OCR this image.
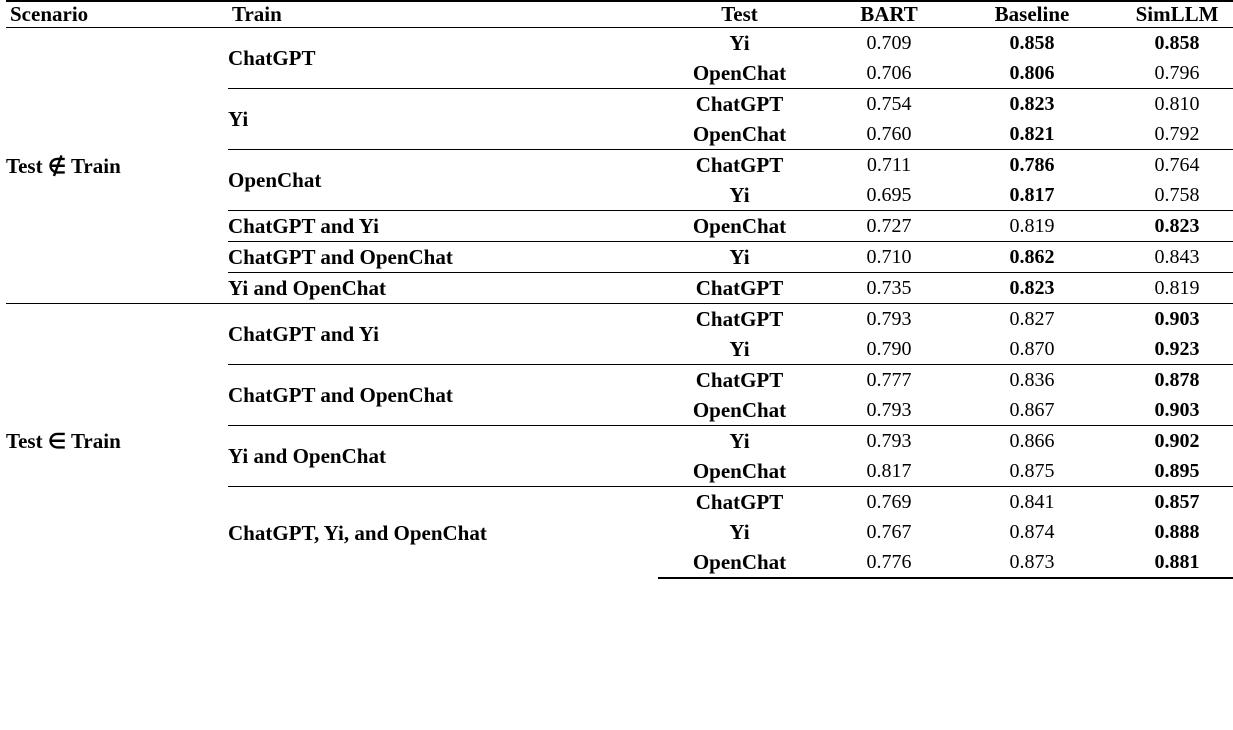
Scenario	Train	Test	BART	Baseline	SimLLM
Test ∉ Train	ChatGPT	Yi	0.709	0.858	0.858
		OpenChat	0.706	0.806	0.796
	Yi	ChatGPT	0.754	0.823	0.810
		OpenChat	0.760	0.821	0.792
	OpenChat	ChatGPT	0.711	0.786	0.764
		Yi	0.695	0.817	0.758
	ChatGPT and Yi	OpenChat	0.727	0.819	0.823
	ChatGPT and OpenChat	Yi	0.710	0.862	0.843
	Yi and OpenChat	ChatGPT	0.735	0.823	0.819
Test ∈ Train	ChatGPT and Yi	ChatGPT	0.793	0.827	0.903
		Yi	0.790	0.870	0.923
	ChatGPT and OpenChat	ChatGPT	0.777	0.836	0.878
		OpenChat	0.793	0.867	0.903
	Yi and OpenChat	Yi	0.793	0.866	0.902
		OpenChat	0.817	0.875	0.895
	ChatGPT, Yi, and OpenChat	ChatGPT	0.769	0.841	0.857
		Yi	0.767	0.874	0.888
		OpenChat	0.776	0.873	0.881
